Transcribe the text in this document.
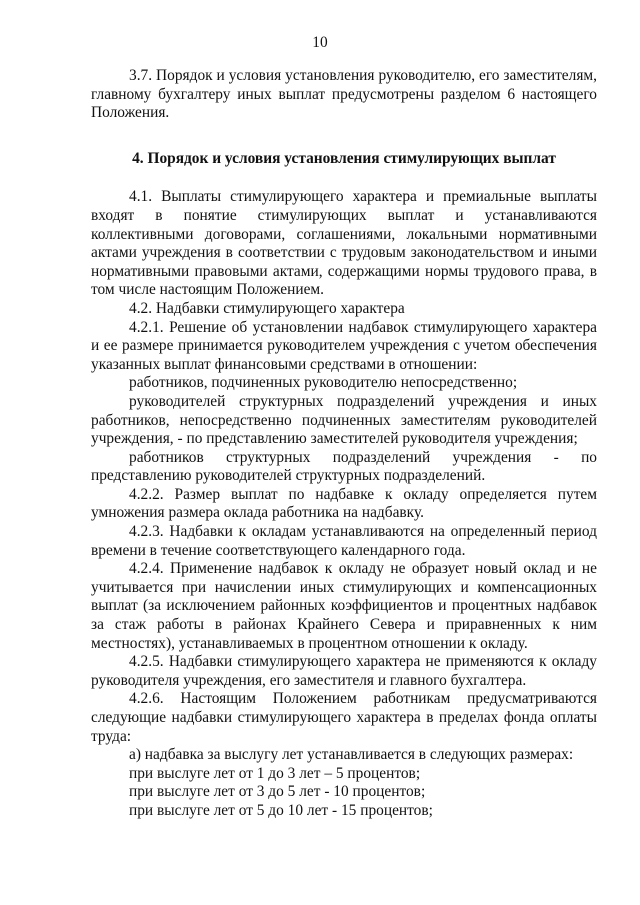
10

3.7. Порядок и условия установления руководителю, его заместителям, главному бухгалтеру иных выплат предусмотрены разделом 6 настоящего Положения.

4. Порядок и условия установления стимулирующих выплат

4.1. Выплаты стимулирующего характера и премиальные выплаты входят в понятие стимулирующих выплат и устанавливаются коллективными договорами, соглашениями, локальными нормативными актами учреждения в соответствии с трудовым законодательством и иными нормативными правовыми актами, содержащими нормы трудового права, в том числе настоящим Положением.

4.2. Надбавки стимулирующего характера

4.2.1. Решение об установлении надбавок стимулирующего характера и ее размере принимается руководителем учреждения с учетом обеспечения указанных выплат финансовыми средствами в отношении:

работников, подчиненных руководителю непосредственно;

руководителей структурных подразделений учреждения и иных работников, непосредственно подчиненных заместителям руководителей учреждения, - по представлению заместителей руководителя учреждения;

работников структурных подразделений учреждения - по представлению руководителей структурных подразделений.

4.2.2. Размер выплат по надбавке к окладу определяется путем умножения размера оклада работника на надбавку.

4.2.3. Надбавки к окладам устанавливаются на определенный период времени в течение соответствующего календарного года.

4.2.4. Применение надбавок к окладу не образует новый оклад и не учитывается при начислении иных стимулирующих и компенсационных выплат (за исключением районных коэффициентов и процентных надбавок за стаж работы в районах Крайнего Севера и приравненных к ним местностях), устанавливаемых в процентном отношении к окладу.

4.2.5. Надбавки стимулирующего характера не применяются к окладу руководителя учреждения, его заместителя и главного бухгалтера.

4.2.6. Настоящим Положением работникам предусматриваются следующие надбавки стимулирующего характера в пределах фонда оплаты труда:

а) надбавка за выслугу лет устанавливается в следующих размерах:

при выслуге лет от 1 до 3 лет – 5 процентов;

при выслуге лет от 3 до 5 лет - 10 процентов;

при выслуге лет от 5 до 10 лет - 15 процентов;
